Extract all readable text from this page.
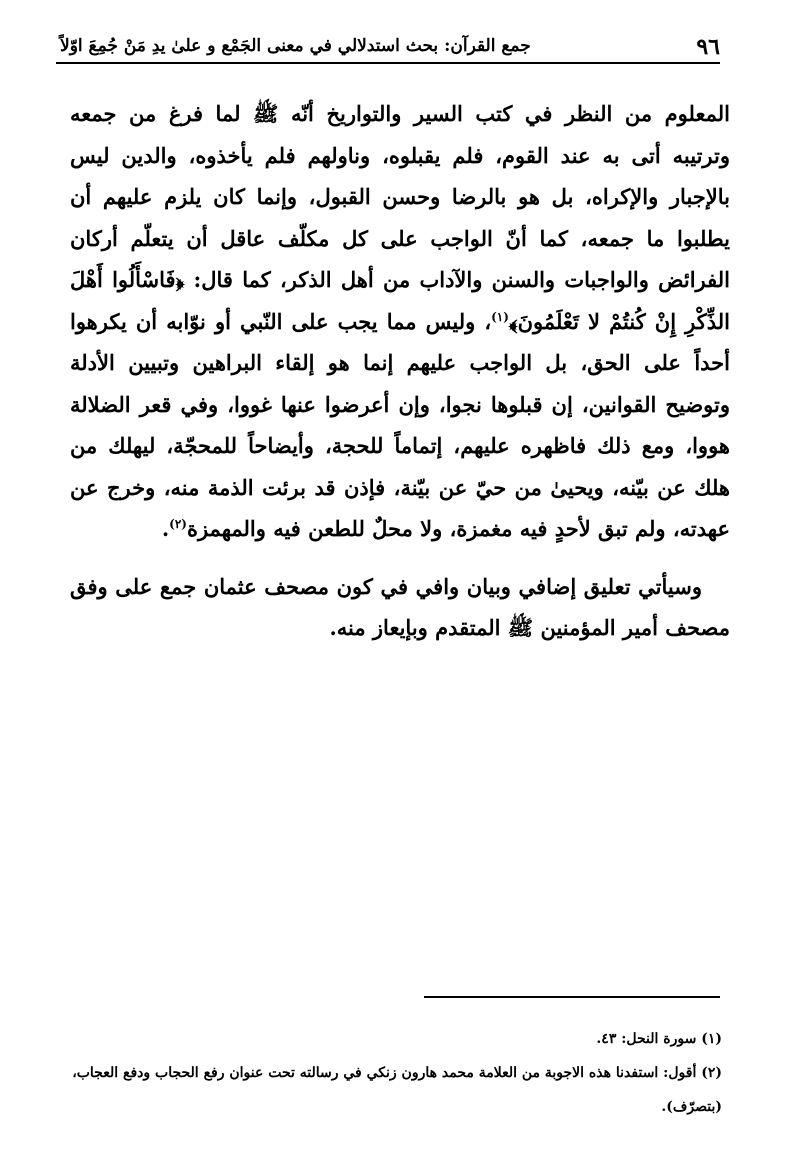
٩٦
جمع القرآن: بحث استدلالي في معنى الجَمْع و علىٰ يدِ مَنْ جُمِعَ اوّلاً

المعلوم من النظر في كتب السير والتواريخ أنّه ﷺ لما فرغ من جمعه وترتيبه أتى به عند القوم، فلم يقبلوه، وناولهم فلم يأخذوه، والدين ليس بالإجبار والإكراه، بل هو بالرضا وحسن القبول، وإنما كان يلزم عليهم أن يطلبوا ما جمعه، كما أنّ الواجب على كل مكلّف عاقل أن يتعلّم أركان الفرائض والواجبات والسنن والآداب من أهل الذكر، كما قال: ﴿فَاسْأَلُوا أَهْلَ الذِّكْرِ إِنْ كُنتُمْ لا تَعْلَمُونَ﴾$^{(١)}$، وليس مما يجب على النّبي أو نوّابه أن يكرهوا أحداً على الحق، بل الواجب عليهم إنما هو إلقاء البراهين وتبيين الأدلة وتوضيح القوانين، إن قبلوها نجوا، وإن أعرضوا عنها غووا، وفي قعر الضلالة هووا، ومع ذلك فاظهره عليهم، إتماماً للحجة، وأيضاحاً للمحجّة، ليهلك من هلك عن بيّنه، ويحيىٰ من حيّ عن بيّنة، فإذن قد برئت الذمة منه، وخرج عن عهدته، ولم تبق لأحدٍ فيه مغمزة، ولا محلٌ للطعن فيه والمهمزة$^{(٢)}$.

وسيأتي تعليق إضافي وبيان وافي في كون مصحف عثمان جمع على وفق مصحف أمير المؤمنين ﷺ المتقدم وبإيعاز منه.

(١) سورة النحل: ٤٣.

(٢) أقول: استفدنا هذه الاجوبة من العلامة محمد هارون زنكي في رسالته تحت عنوان رفع الحجاب ودفع العجاب، (بتصرّف).
